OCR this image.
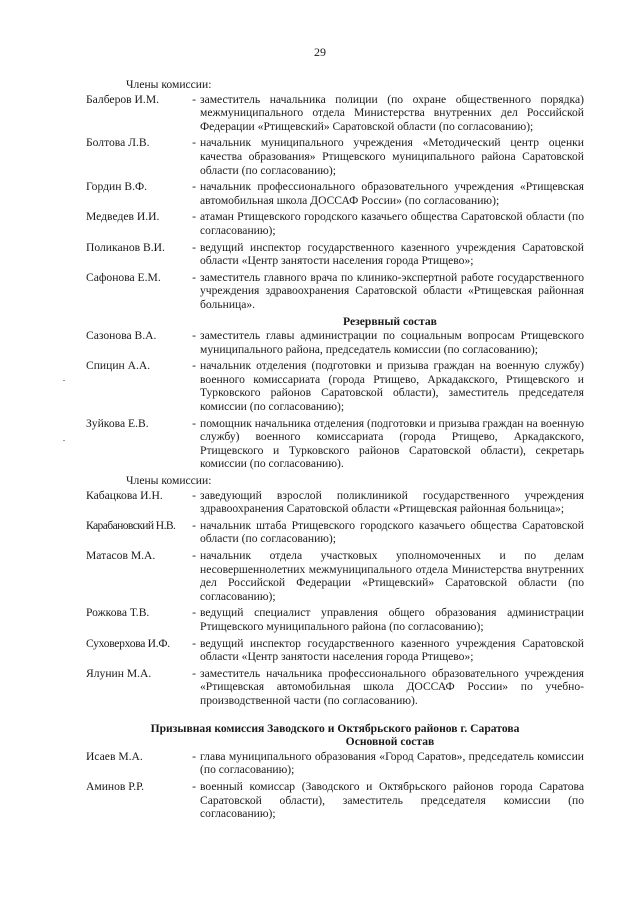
29
Члены комиссии:
Балберов И.М.	- заместитель начальника полиции (по охране общественного порядка) межмуниципального отдела Министерства внутренних дел Российской Федерации «Ртищевский» Саратовской области (по согласованию);
Болтова Л.В.	- начальник муниципального учреждения «Методический центр оценки качества образования» Ртищевского муниципального района Саратовской области (по согласованию);
Гордин В.Ф.	- начальник профессионального образовательного учреждения «Ртищевская автомобильная школа ДОССАФ России» (по согласованию);
Медведев И.И.	- атаман Ртищевского городского казачьего общества Саратовской области (по согласованию);
Поликанов В.И.	- ведущий инспектор государственного казенного учреждения Саратовской области «Центр занятости населения города Ртищево»;
Сафонова Е.М.	- заместитель главного врача по клинико-экспертной работе государственного учреждения здравоохранения Саратовской области «Ртищевская районная больница».
Резервный состав
Сазонова В.А.	- заместитель главы администрации по социальным вопросам Ртищевского муниципального района, председатель комиссии (по согласованию);
Спицин А.А.	- начальник отделения (подготовки и призыва граждан на военную службу) военного комиссариата (города Ртищево, Аркадакского, Ртищевского и Турковского районов Саратовской области), заместитель председателя комиссии (по согласованию);
Зуйкова Е.В.	- помощник начальника отделения (подготовки и призыва граждан на военную службу) военного комиссариата (города Ртищево, Аркадакского, Ртищевского и Турковского районов Саратовской области), секретарь комиссии (по согласованию).
Члены комиссии:
Кабацкова И.Н.	- заведующий взрослой поликлиникой государственного учреждения здравоохранения Саратовской области «Ртищевская районная больница»;
Карабановский Н.В.	- начальник штаба Ртищевского городского казачьего общества Саратовской области (по согласованию);
Матасов М.А.	- начальник отдела участковых уполномоченных и по делам несовершеннолетних межмуниципального отдела Министерства внутренних дел Российской Федерации «Ртищевский» Саратовской области (по согласованию);
Рожкова Т.В.	- ведущий специалист управления общего образования администрации Ртищевского муниципального района (по согласованию);
Суховерхова И.Ф.	- ведущий инспектор государственного казенного учреждения Саратовской области «Центр занятости населения города Ртищево»;
Ялунин М.А.	- заместитель начальника профессионального образовательного учреждения «Ртищевская автомобильная школа ДОССАФ России» по учебно-производственной части (по согласованию).
Призывная комиссия Заводского и Октябрьского районов г. Саратова
Основной состав
Исаев М.А.	- глава муниципального образования «Город Саратов», председатель комиссии (по согласованию);
Аминов Р.Р.	- военный комиссар (Заводского и Октябрьского районов города Саратова Саратовской области), заместитель председателя комиссии (по согласованию);
